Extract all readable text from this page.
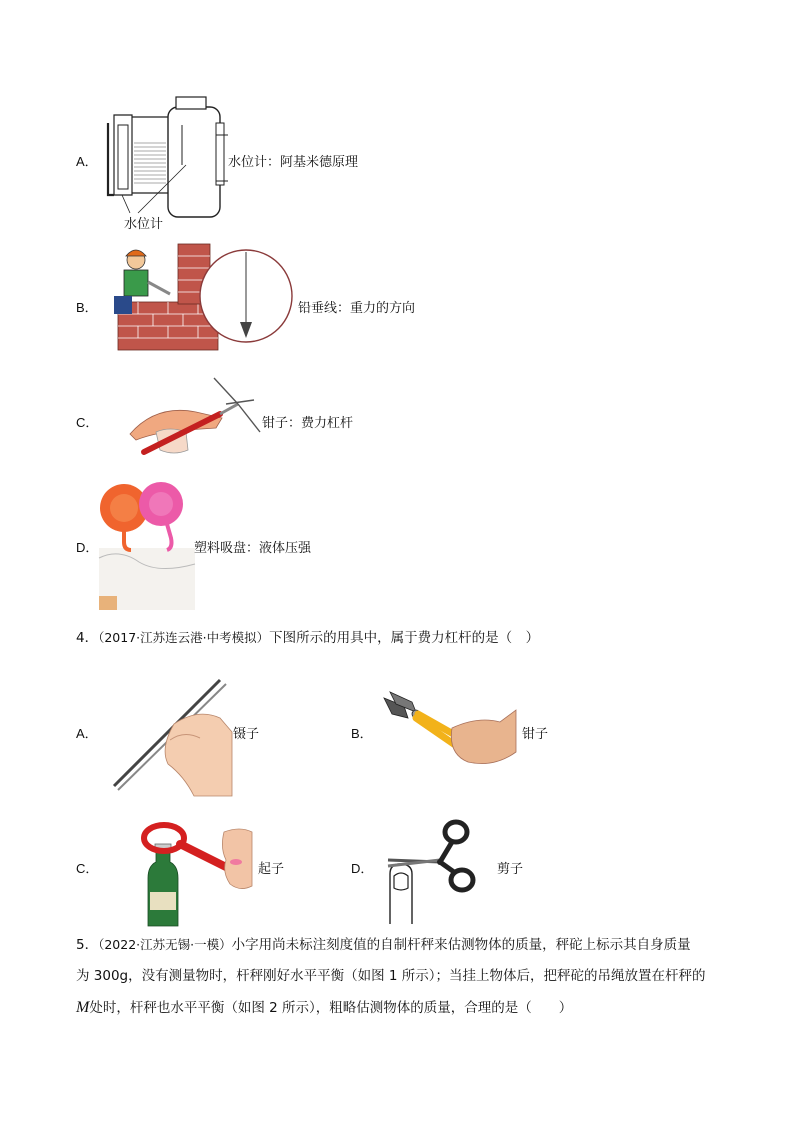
A．
水位计
水位计：阿基米德原理
B．	铅垂线：重力的方向
C．	钳子：费力杠杆
D．	塑料吸盘：液体压强
4．（2017·江苏连云港·中考模拟）下图所示的用具中，属于费力杠杆的是（　）
A．	镊子	B．	钳子
C．	起子	D．	剪子
5．（2022·江苏无锡·一模）小字用尚未标注刻度值的自制杆秤来估测物体的质量，秤砣上标示其自身质量
为 300g，没有测量物时，杆秤刚好水平平衡（如图 1 所示）；当挂上物体后，把秤砣的吊绳放置在杆秤的
M处时，杆秤也水平平衡（如图 2 所示），粗略估测物体的质量，合理的是（　　）
